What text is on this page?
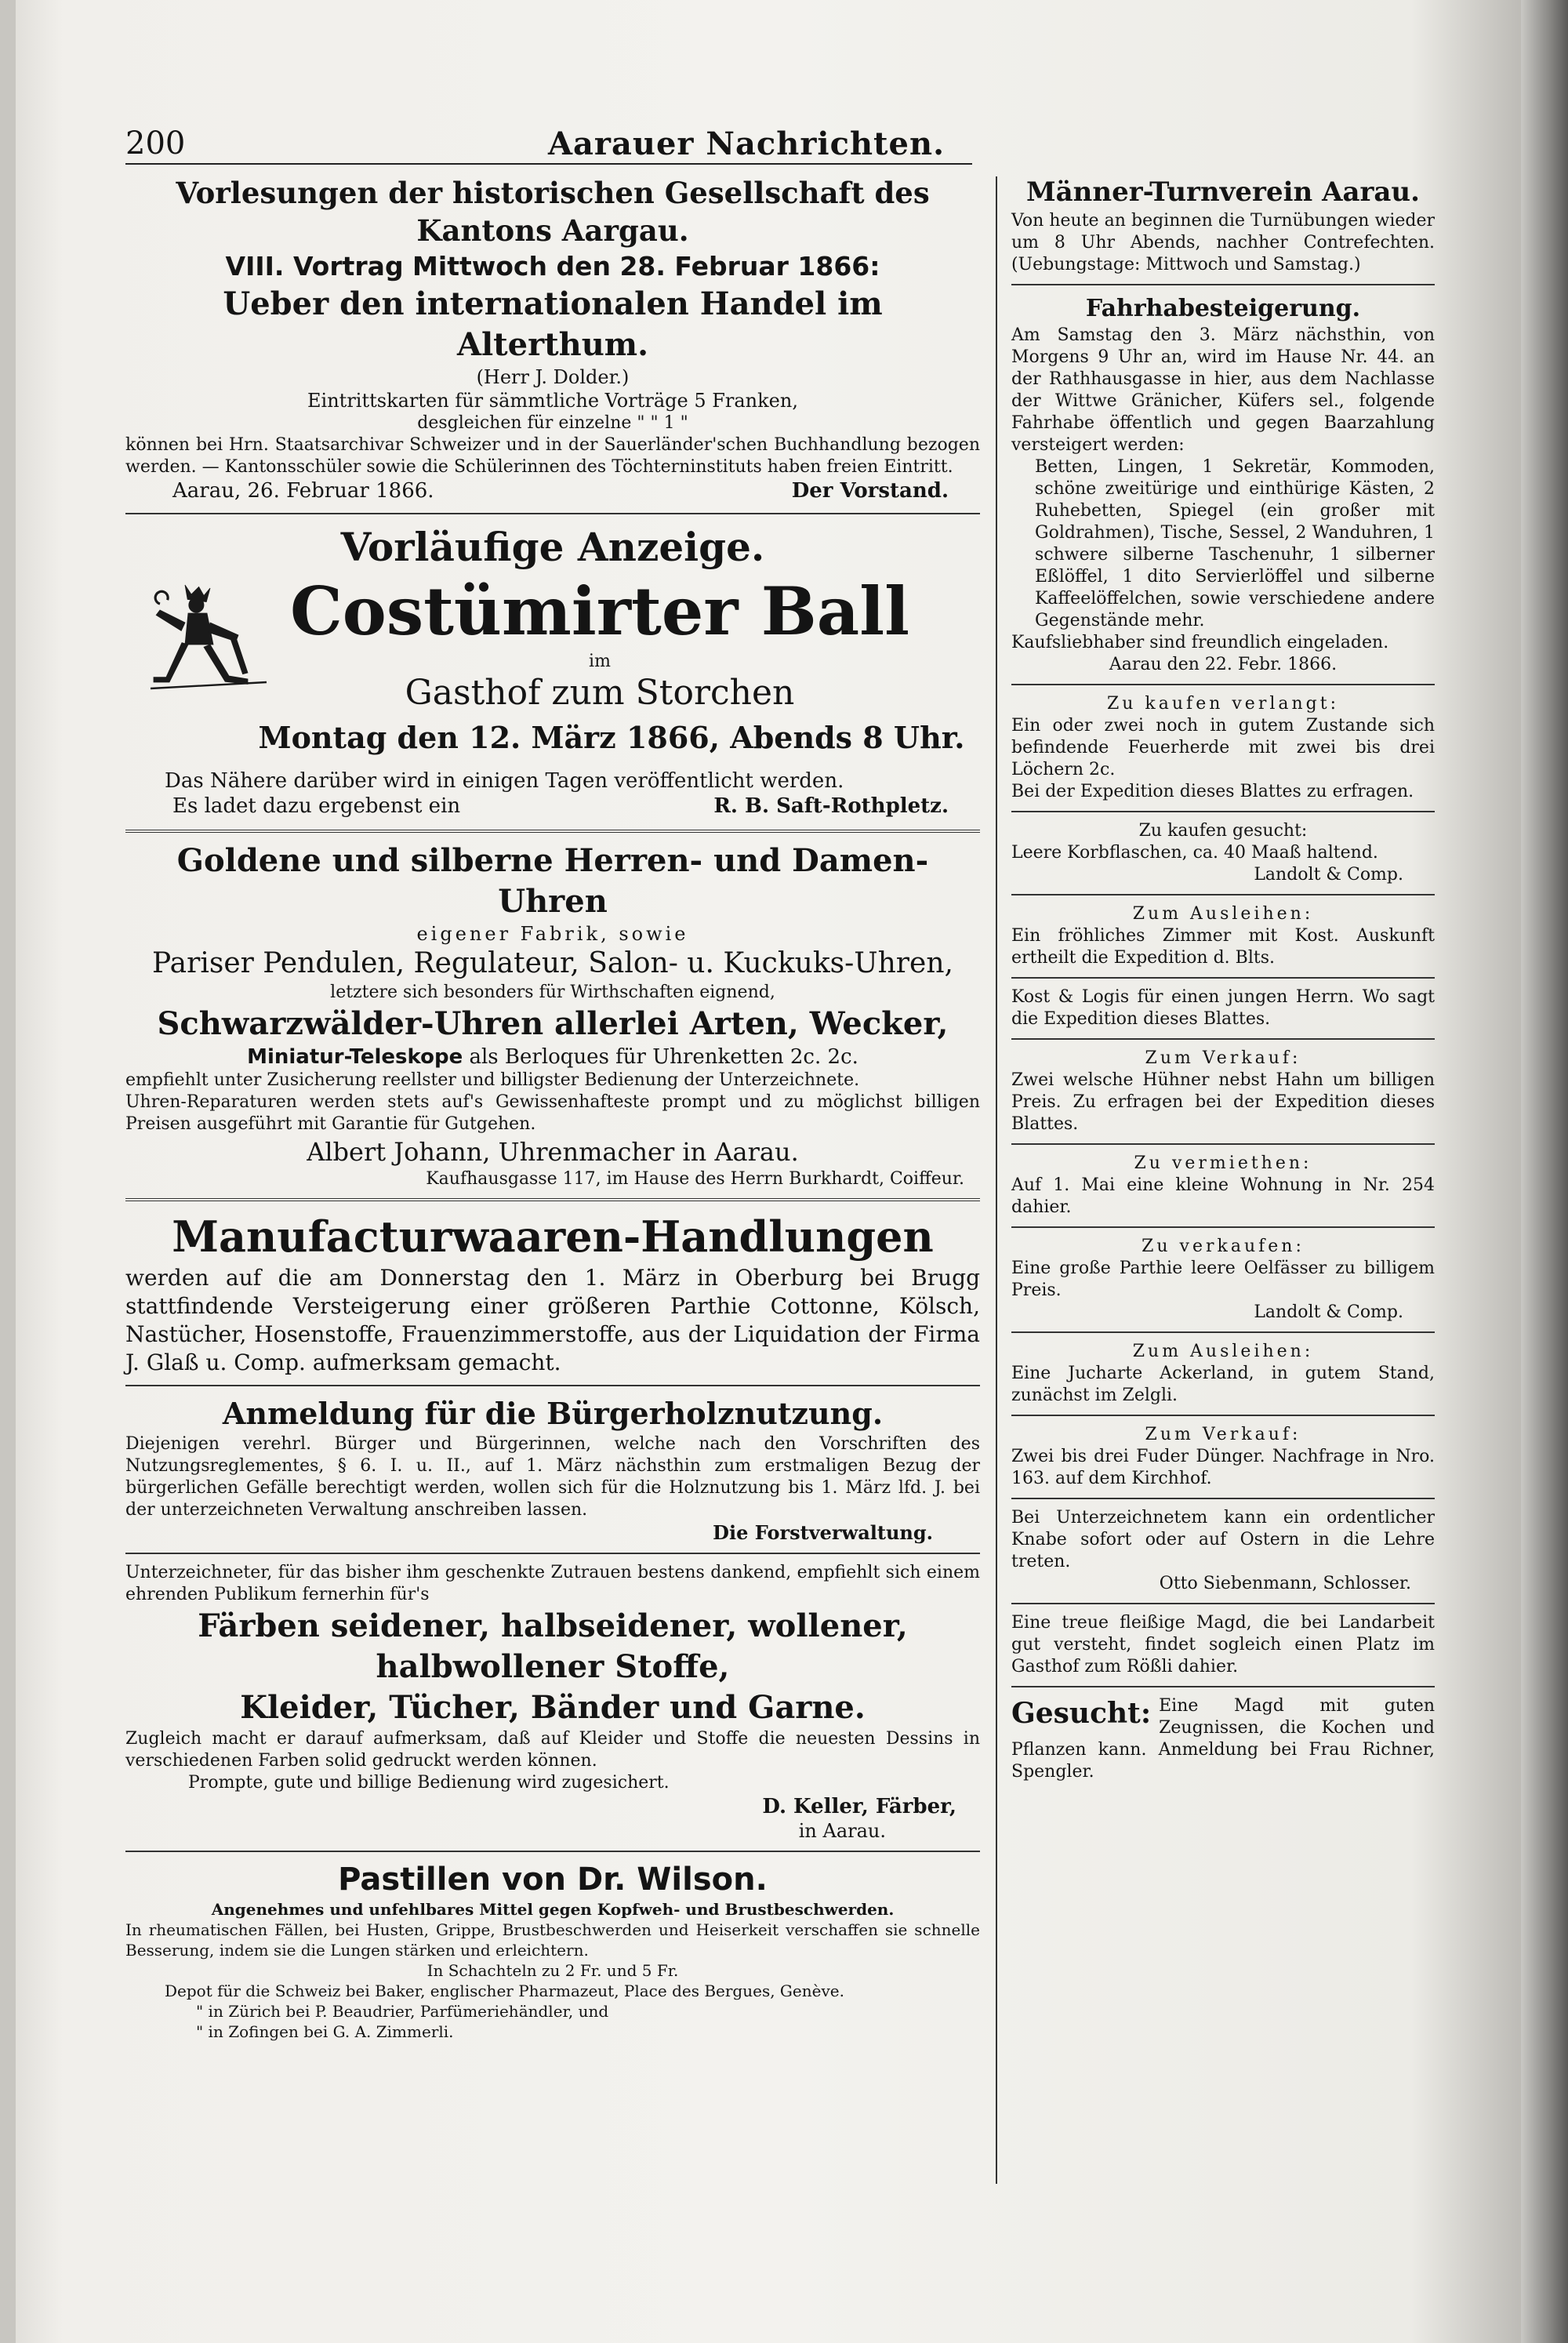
200	Aarauer Nachrichten.

Vorlesungen der historischen Gesellschaft des Kantons Aargau.

VIII. Vortrag Mittwoch den 28. Februar 1866:

Ueber den internationalen Handel im Alterthum.

(Herr J. Dolder.)

Eintrittskarten für sämmtliche Vorträge 5 Franken,

desgleichen für einzelne " " 1 "

können bei Hrn. Staatsarchivar Schweizer und in der Sauerländer'schen Buchhandlung bezogen werden. — Kantonsschüler sowie die Schülerinnen des Töchterninstituts haben freien Eintritt.

Aarau, 26. Februar 1866.	Der Vorstand.

Vorläufige Anzeige.

Costümirter Ball

im

Gasthof zum Storchen

Montag den 12. März 1866, Abends 8 Uhr.

Das Nähere darüber wird in einigen Tagen veröffentlicht werden.

Es ladet dazu ergebenst ein	R. B. Saft-Rothpletz.

Goldene und silberne Herren- und Damen-Uhren

eigener Fabrik, sowie

Pariser Pendulen, Regulateur, Salon- u. Kuckuks-Uhren,

letztere sich besonders für Wirthschaften eignend,

Schwarzwälder-Uhren allerlei Arten, Wecker,

Miniatur-Teleskope als Berloques für Uhrenketten 2c. 2c.

empfiehlt unter Zusicherung reellster und billigster Bedienung der Unterzeichnete.

Uhren-Reparaturen werden stets auf's Gewissenhafteste prompt und zu möglichst billigen Preisen ausgeführt mit Garantie für Gutgehen.

Albert Johann, Uhrenmacher in Aarau.

Kaufhausgasse 117, im Hause des Herrn Burkhardt, Coiffeur.

Manufacturwaaren-Handlungen

werden auf die am Donnerstag den 1. März in Oberburg bei Brugg stattfindende Versteigerung einer größeren Parthie Cottonne, Kölsch, Nastücher, Hosenstoffe, Frauenzimmerstoffe, aus der Liquidation der Firma J. Glaß u. Comp. aufmerksam gemacht.

Anmeldung für die Bürgerholznutzung.

Diejenigen verehrl. Bürger und Bürgerinnen, welche nach den Vorschriften des Nutzungsreglementes, § 6. I. u. II., auf 1. März nächsthin zum erstmaligen Bezug der bürgerlichen Gefälle berechtigt werden, wollen sich für die Holznutzung bis 1. März lfd. J. bei der unterzeichneten Verwaltung anschreiben lassen.

Die Forstverwaltung.

Unterzeichneter, für das bisher ihm geschenkte Zutrauen bestens dankend, empfiehlt sich einem ehrenden Publikum fernerhin für's

Färben seidener, halbseidener, wollener, halbwollener Stoffe,

Kleider, Tücher, Bänder und Garne.

Zugleich macht er darauf aufmerksam, daß auf Kleider und Stoffe die neuesten Dessins in verschiedenen Farben solid gedruckt werden können.

Prompte, gute und billige Bedienung wird zugesichert.

D. Keller, Färber,

in Aarau.

Pastillen von Dr. Wilson.

Angenehmes und unfehlbares Mittel gegen Kopfweh- und Brustbeschwerden.

In rheumatischen Fällen, bei Husten, Grippe, Brustbeschwerden und Heiserkeit verschaffen sie schnelle Besserung, indem sie die Lungen stärken und erleichtern.

In Schachteln zu 2 Fr. und 5 Fr.

Depot für die Schweiz bei Baker, englischer Pharmazeut, Place des Bergues, Genève.

" in Zürich bei P. Beaudrier, Parfümeriehändler, und

" in Zofingen bei G. A. Zimmerli.

Männer-Turnverein Aarau.

Von heute an beginnen die Turnübungen wieder um 8 Uhr Abends, nachher Contrefechten. (Uebungstage: Mittwoch und Samstag.)

Fahrhabesteigerung.

Am Samstag den 3. März nächsthin, von Morgens 9 Uhr an, wird im Hause Nr. 44. an der Rathhausgasse in hier, aus dem Nachlasse der Wittwe Gränicher, Küfers sel., folgende Fahrhabe öffentlich und gegen Baarzahlung versteigert werden:

Betten, Lingen, 1 Sekretär, Kommoden, schöne zweitürige und einthürige Kästen, 2 Ruhebetten, Spiegel (ein großer mit Goldrahmen), Tische, Sessel, 2 Wanduhren, 1 schwere silberne Taschenuhr, 1 silberner Eßlöffel, 1 dito Servierlöffel und silberne Kaffeelöffelchen, sowie verschiedene andere Gegenstände mehr.

Kaufsliebhaber sind freundlich eingeladen.

Aarau den 22. Febr. 1866.

Zu kaufen verlangt:

Ein oder zwei noch in gutem Zustande sich befindende Feuerherde mit zwei bis drei Löchern 2c.

Bei der Expedition dieses Blattes zu erfragen.

Zu kaufen gesucht:

Leere Korbflaschen, ca. 40 Maaß haltend.

Landolt & Comp.

Zum Ausleihen:

Ein fröhliches Zimmer mit Kost. Auskunft ertheilt die Expedition d. Blts.

Kost & Logis für einen jungen Herrn. Wo sagt die Expedition dieses Blattes.

Zum Verkauf:

Zwei welsche Hühner nebst Hahn um billigen Preis. Zu erfragen bei der Expedition dieses Blattes.

Zu vermiethen:

Auf 1. Mai eine kleine Wohnung in Nr. 254 dahier.

Zu verkaufen:

Eine große Parthie leere Oelfässer zu billigem Preis.

Landolt & Comp.

Zum Ausleihen:

Eine Jucharte Ackerland, in gutem Stand, zunächst im Zelgli.

Zum Verkauf:

Zwei bis drei Fuder Dünger. Nachfrage in Nro. 163. auf dem Kirchhof.

Bei Unterzeichnetem kann ein ordentlicher Knabe sofort oder auf Ostern in die Lehre treten.

Otto Siebenmann, Schlosser.

Eine treue fleißige Magd, die bei Landarbeit gut versteht, findet sogleich einen Platz im Gasthof zum Rößli dahier.

Gesucht: Eine Magd mit guten Zeugnissen, die Kochen und Pflanzen kann. Anmeldung bei Frau Richner, Spengler.
